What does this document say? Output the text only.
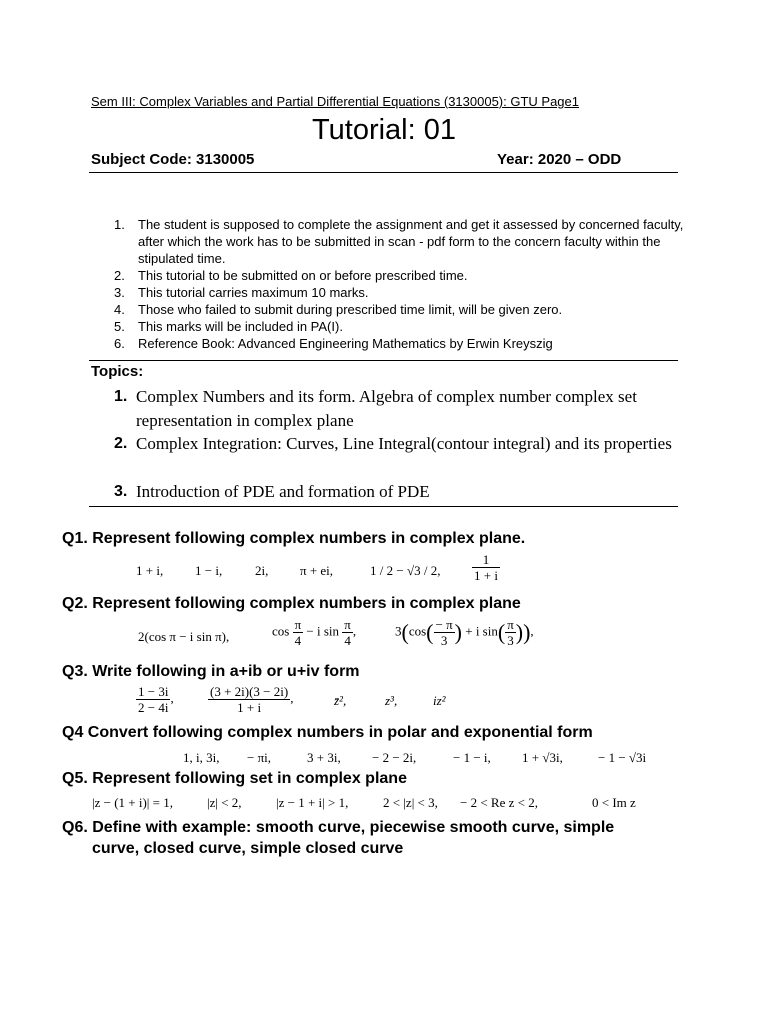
Sem III: Complex Variables and Partial Differential Equations (3130005): GTU Page1
Tutorial: 01
Subject Code: 3130005	Year: 2020 – ODD
The student is supposed to complete the assignment and get it assessed by concerned faculty, after which the work has to be submitted in scan - pdf form to the concern faculty within the stipulated time.
This tutorial to be submitted on or before prescribed time.
This tutorial carries maximum 10 marks.
Those who failed to submit during prescribed time limit, will be given zero.
This marks will be included in PA(I).
Reference Book: Advanced Engineering Mathematics by Erwin Kreyszig
Topics:
1. Complex Numbers and its form. Algebra of complex number complex set representation in complex plane
2. Complex Integration: Curves, Line Integral(contour integral) and its properties
3. Introduction of PDE and formation of PDE
Q1. Represent following complex numbers in complex plane.
1 + i, 1 − i,	2i, π + ei,	1 / 2 − √3 / 2, $\frac{1}{1 + i}$
Q2. Represent following complex numbers in complex plane
2(cos π − i sin π),	$\cos \frac{\pi}{4} - i$ $\sin \frac{\pi}{4}$ ,	$3(\cos( \frac{- \pi}{3}$ ) + i $\sin( \frac{\pi}{3}$ )),
Q3. Write following in a+ib or u+iv form
$\frac{1 - 3i}{2 - 4i}$ ,	$\frac{(3 + 2i)(3 - 2i)}{1 + i}$ ,	z̄²,	z³,	iz²
Q4 Convert following complex numbers in polar and exponential form
1, i, 3i, − πi,	3 + 3i, − 2 − 2i,	− 1 − i, 1 + √3i,	− 1 − √3i
Q5. Represent following set in complex plane
|z − (1 + i)| = 1,	|z| < 2,	|z − 1 + i| > 1,	2 < |z| < 3, − 2 < Re z < 2,	0 < Im z
Q6. Define with example: smooth curve, piecewise smooth curve, simple
curve, closed curve, simple closed curve
